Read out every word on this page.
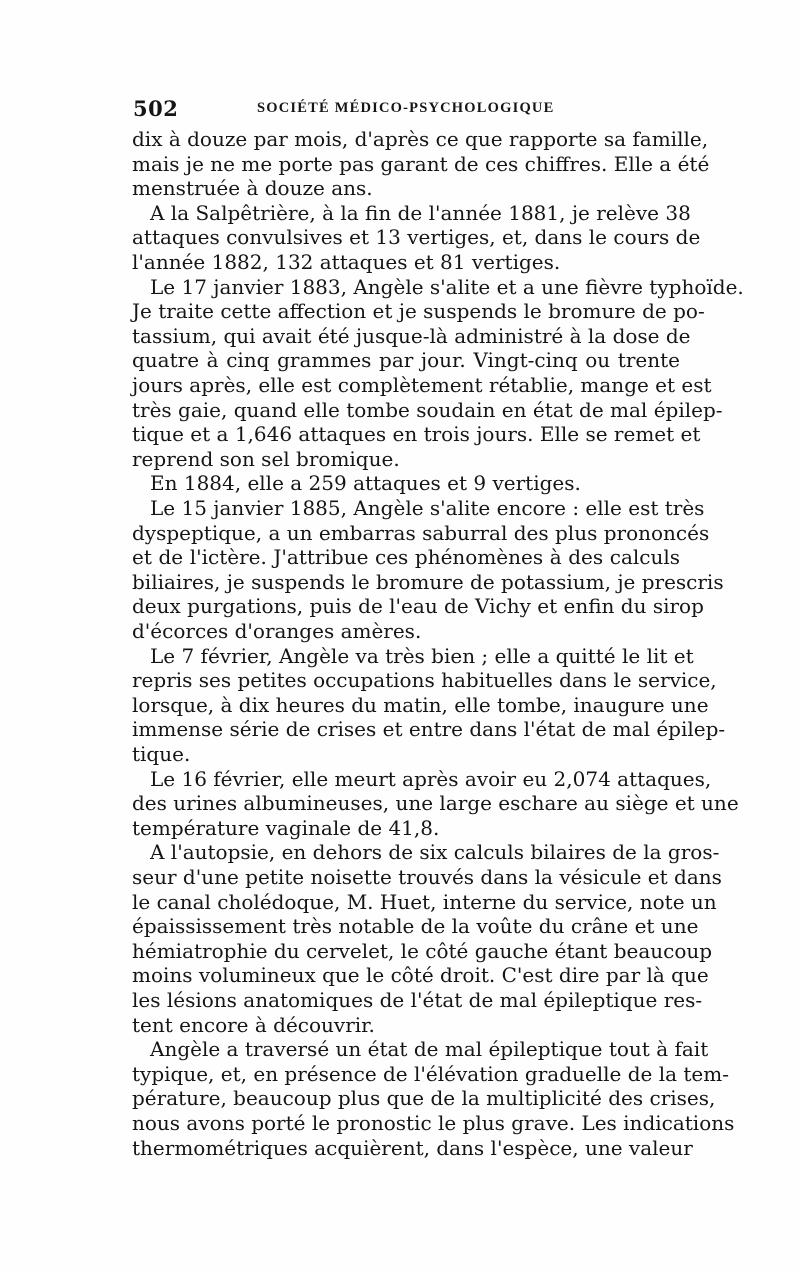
502	SOCIÉTÉ MÉDICO-PSYCHOLOGIQUE
dix à douze par mois, d'après ce que rapporte sa famille,
mais je ne me porte pas garant de ces chiffres. Elle a été
menstruée à douze ans.
A la Salpêtrière, à la fin de l'année 1881, je relève 38
attaques convulsives et 13 vertiges, et, dans le cours de
l'année 1882, 132 attaques et 81 vertiges.
Le 17 janvier 1883, Angèle s'alite et a une fièvre typhoïde.
Je traite cette affection et je suspends le bromure de po-
tassium, qui avait été jusque-là administré à la dose de
quatre à cinq grammes par jour. Vingt-cinq ou trente
jours après, elle est complètement rétablie, mange et est
très gaie, quand elle tombe soudain en état de mal épilep-
tique et a 1,646 attaques en trois jours. Elle se remet et
reprend son sel bromique.
En 1884, elle a 259 attaques et 9 vertiges.
Le 15 janvier 1885, Angèle s'alite encore : elle est très
dyspeptique, a un embarras saburral des plus prononcés
et de l'ictère. J'attribue ces phénomènes à des calculs
biliaires, je suspends le bromure de potassium, je prescris
deux purgations, puis de l'eau de Vichy et enfin du sirop
d'écorces d'oranges amères.
Le 7 février, Angèle va très bien ; elle a quitté le lit et
repris ses petites occupations habituelles dans le service,
lorsque, à dix heures du matin, elle tombe, inaugure une
immense série de crises et entre dans l'état de mal épilep-
tique.
Le 16 février, elle meurt après avoir eu 2,074 attaques,
des urines albumineuses, une large eschare au siège et une
température vaginale de 41,8.
A l'autopsie, en dehors de six calculs bilaires de la gros-
seur d'une petite noisette trouvés dans la vésicule et dans
le canal cholédoque, M. Huet, interne du service, note un
épaississement très notable de la voûte du crâne et une
hémiatrophie du cervelet, le côté gauche étant beaucoup
moins volumineux que le côté droit. C'est dire par là que
les lésions anatomiques de l'état de mal épileptique res-
tent encore à découvrir.
Angèle a traversé un état de mal épileptique tout à fait
typique, et, en présence de l'élévation graduelle de la tem-
pérature, beaucoup plus que de la multiplicité des crises,
nous avons porté le pronostic le plus grave. Les indications
thermométriques acquièrent, dans l'espèce, une valeur
